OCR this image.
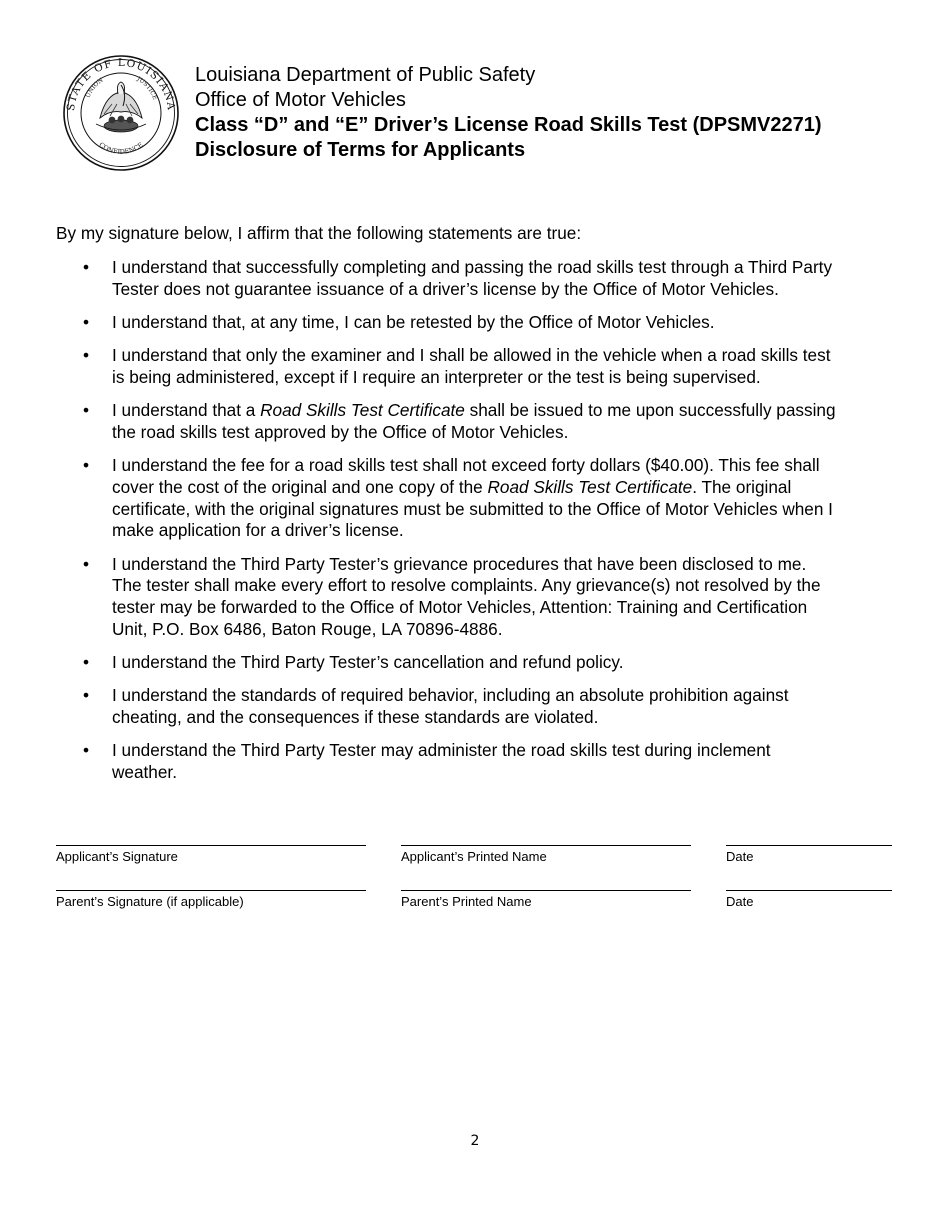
STATE OF LOUISIANA
UNION	JUSTICE
CONFIDENCE
Louisiana Department of Public Safety
Office of Motor Vehicles
Class “D” and “E” Driver’s License Road Skills Test (DPSMV2271)
Disclosure of Terms for Applicants
By my signature below, I affirm that the following statements are true:
• I understand that successfully completing and passing the road skills test through a Third Party
Tester does not guarantee issuance of a driver’s license by the Office of Motor Vehicles.
• I understand that, at any time, I can be retested by the Office of Motor Vehicles.
• I understand that only the examiner and I shall be allowed in the vehicle when a road skills test
is being administered, except if I require an interpreter or the test is being supervised.
• I understand that a Road Skills Test Certificate shall be issued to me upon successfully passing
the road skills test approved by the Office of Motor Vehicles.
• I understand the fee for a road skills test shall not exceed forty dollars ($40.00). This fee shall
cover the cost of the original and one copy of the Road Skills Test Certificate. The original
certificate, with the original signatures must be submitted to the Office of Motor Vehicles when I
make application for a driver’s license.
• I understand the Third Party Tester’s grievance procedures that have been disclosed to me.
The tester shall make every effort to resolve complaints. Any grievance(s) not resolved by the
tester may be forwarded to the Office of Motor Vehicles, Attention: Training and Certification
Unit, P.O. Box 6486, Baton Rouge, LA 70896-4886.
• I understand the Third Party Tester’s cancellation and refund policy.
• I understand the standards of required behavior, including an absolute prohibition against
cheating, and the consequences if these standards are violated.
• I understand the Third Party Tester may administer the road skills test during inclement
weather.
Applicant’s Signature	Applicant’s Printed Name	Date
Parent’s Signature (if applicable)	Parent’s Printed Name	Date
2
